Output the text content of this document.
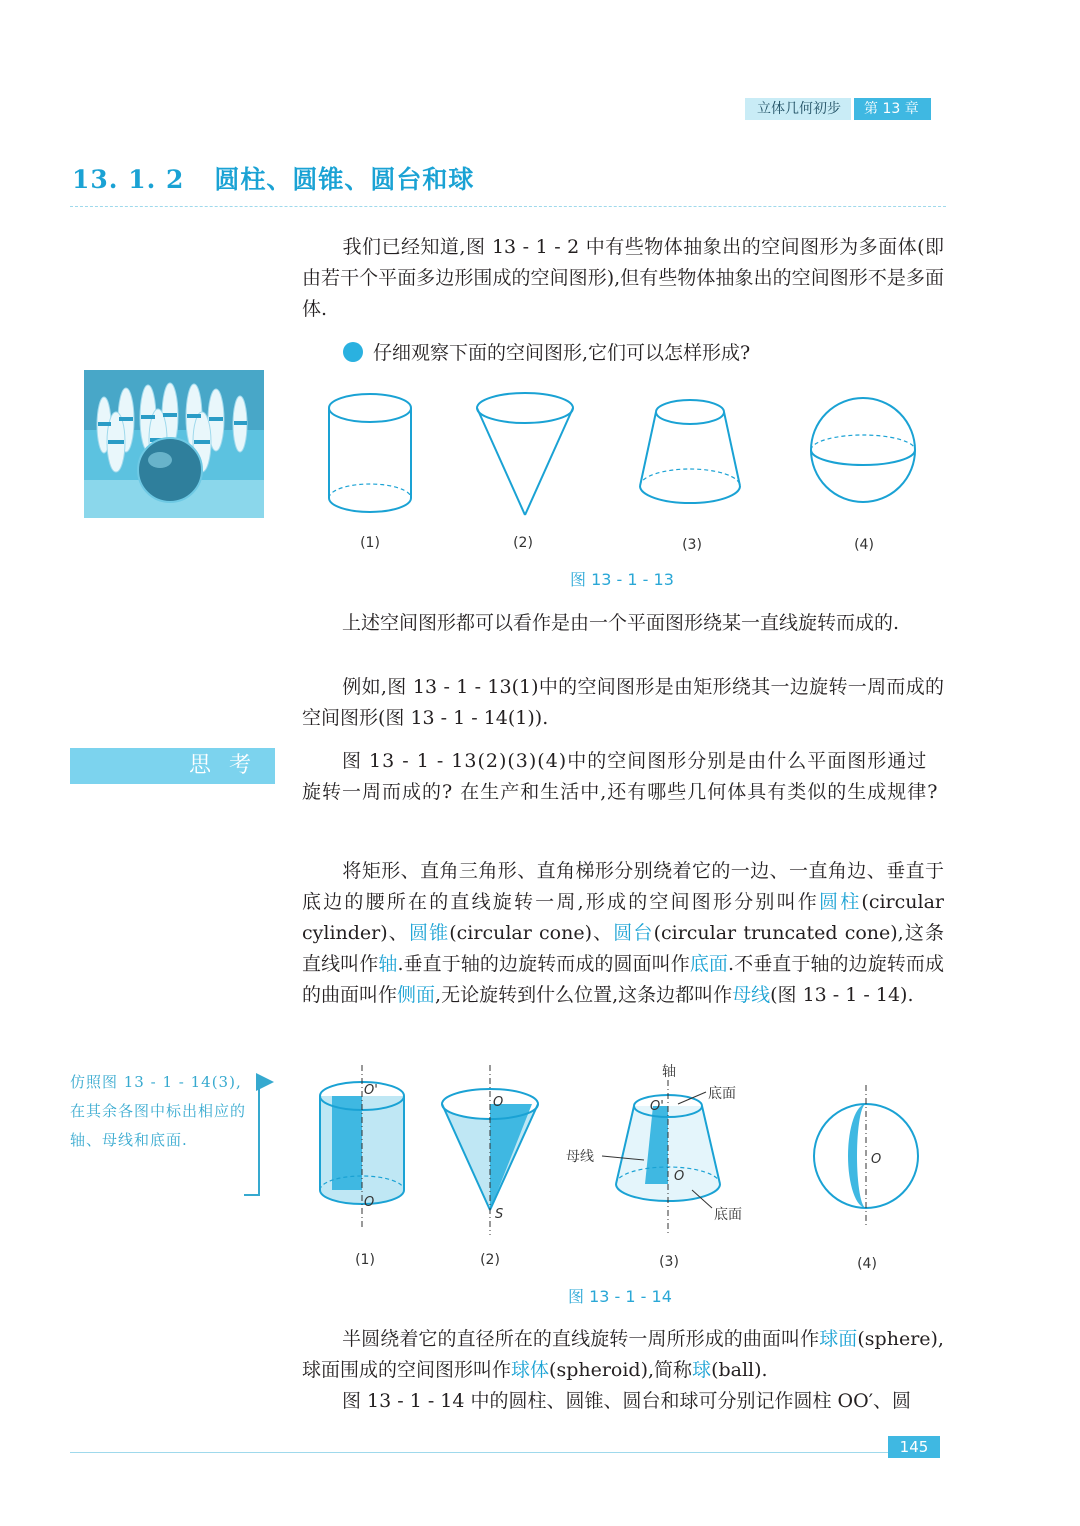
立体几何初步	第 13 章
13. 1. 2 圆柱、圆锥、圆台和球
我们已经知道,图 13 - 1 - 2 中有些物体抽象出的空间图形为多面体(即由若干个平面多边形围成的空间图形),但有些物体抽象出的空间图形不是多面体.
仔细观察下面的空间图形,它们可以怎样形成?
(1)	(2)	(3)	(4)
图 13 - 1 - 13
上述空间图形都可以看作是由一个平面图形绕某一直线旋转而成的.
例如,图 13 - 1 - 13(1)中的空间图形是由矩形绕其一边旋转一周而成的空间图形(图 13 - 1 - 14(1)).
思考	图 13 - 1 - 13(2)(3)(4)中的空间图形分别是由什么平面图形通过旋转一周而成的? 在生产和生活中,还有哪些几何体具有类似的生成规律?
将矩形、直角三角形、直角梯形分别绕着它的一边、一直角边、垂直于底边的腰所在的直线旋转一周,形成的空间图形分别叫作圆柱(circular cylinder)、圆锥(circular cone)、圆台(circular truncated cone),这条直线叫作轴.垂直于轴的边旋转而成的圆面叫作底面.不垂直于轴的边旋转而成的曲面叫作侧面,无论旋转到什么位置,这条边都叫作母线(图 13 - 1 - 14).
仿照图 13 - 1 - 14(3),在其余各图中标出相应的轴、母线和底面.
O'
O
O
S
轴
O'
O
底面
底面
母线	O
(1)	(2)	(3)	(4)
图 13 - 1 - 14
半圆绕着它的直径所在的直线旋转一周所形成的曲面叫作球面(sphere),球面围成的空间图形叫作球体(spheroid),简称球(ball).
图 13 - 1 - 14 中的圆柱、圆锥、圆台和球可分别记作圆柱 OO′、圆
145
